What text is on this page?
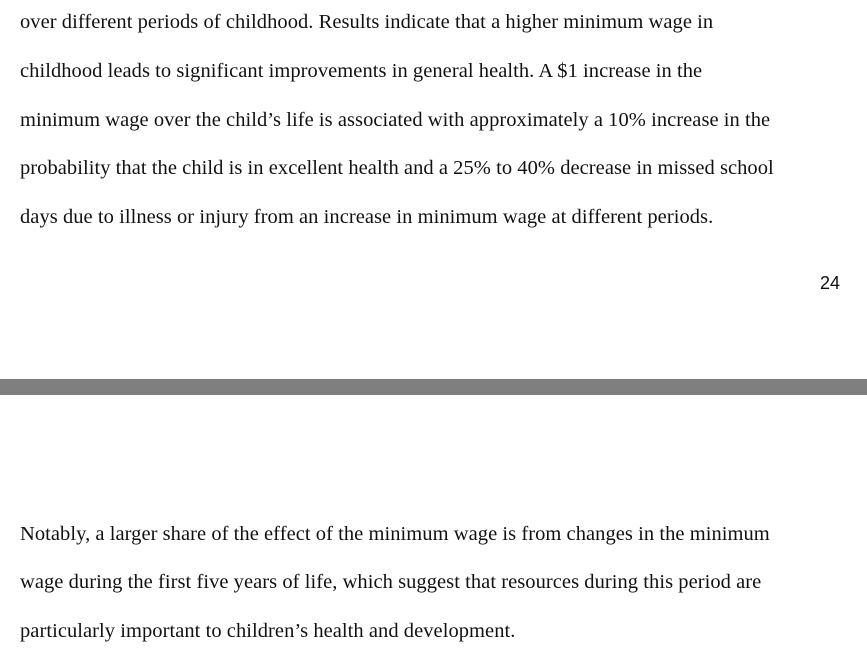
over different periods of childhood. Results indicate that a higher minimum wage in
childhood leads to significant improvements in general health. A $1 increase in the
minimum wage over the child’s life is associated with approximately a 10% increase in the
probability that the child is in excellent health and a 25% to 40% decrease in missed school
days due to illness or injury from an increase in minimum wage at different periods.
24
Notably, a larger share of the effect of the minimum wage is from changes in the minimum
wage during the first five years of life, which suggest that resources during this period are
particularly important to children’s health and development.
